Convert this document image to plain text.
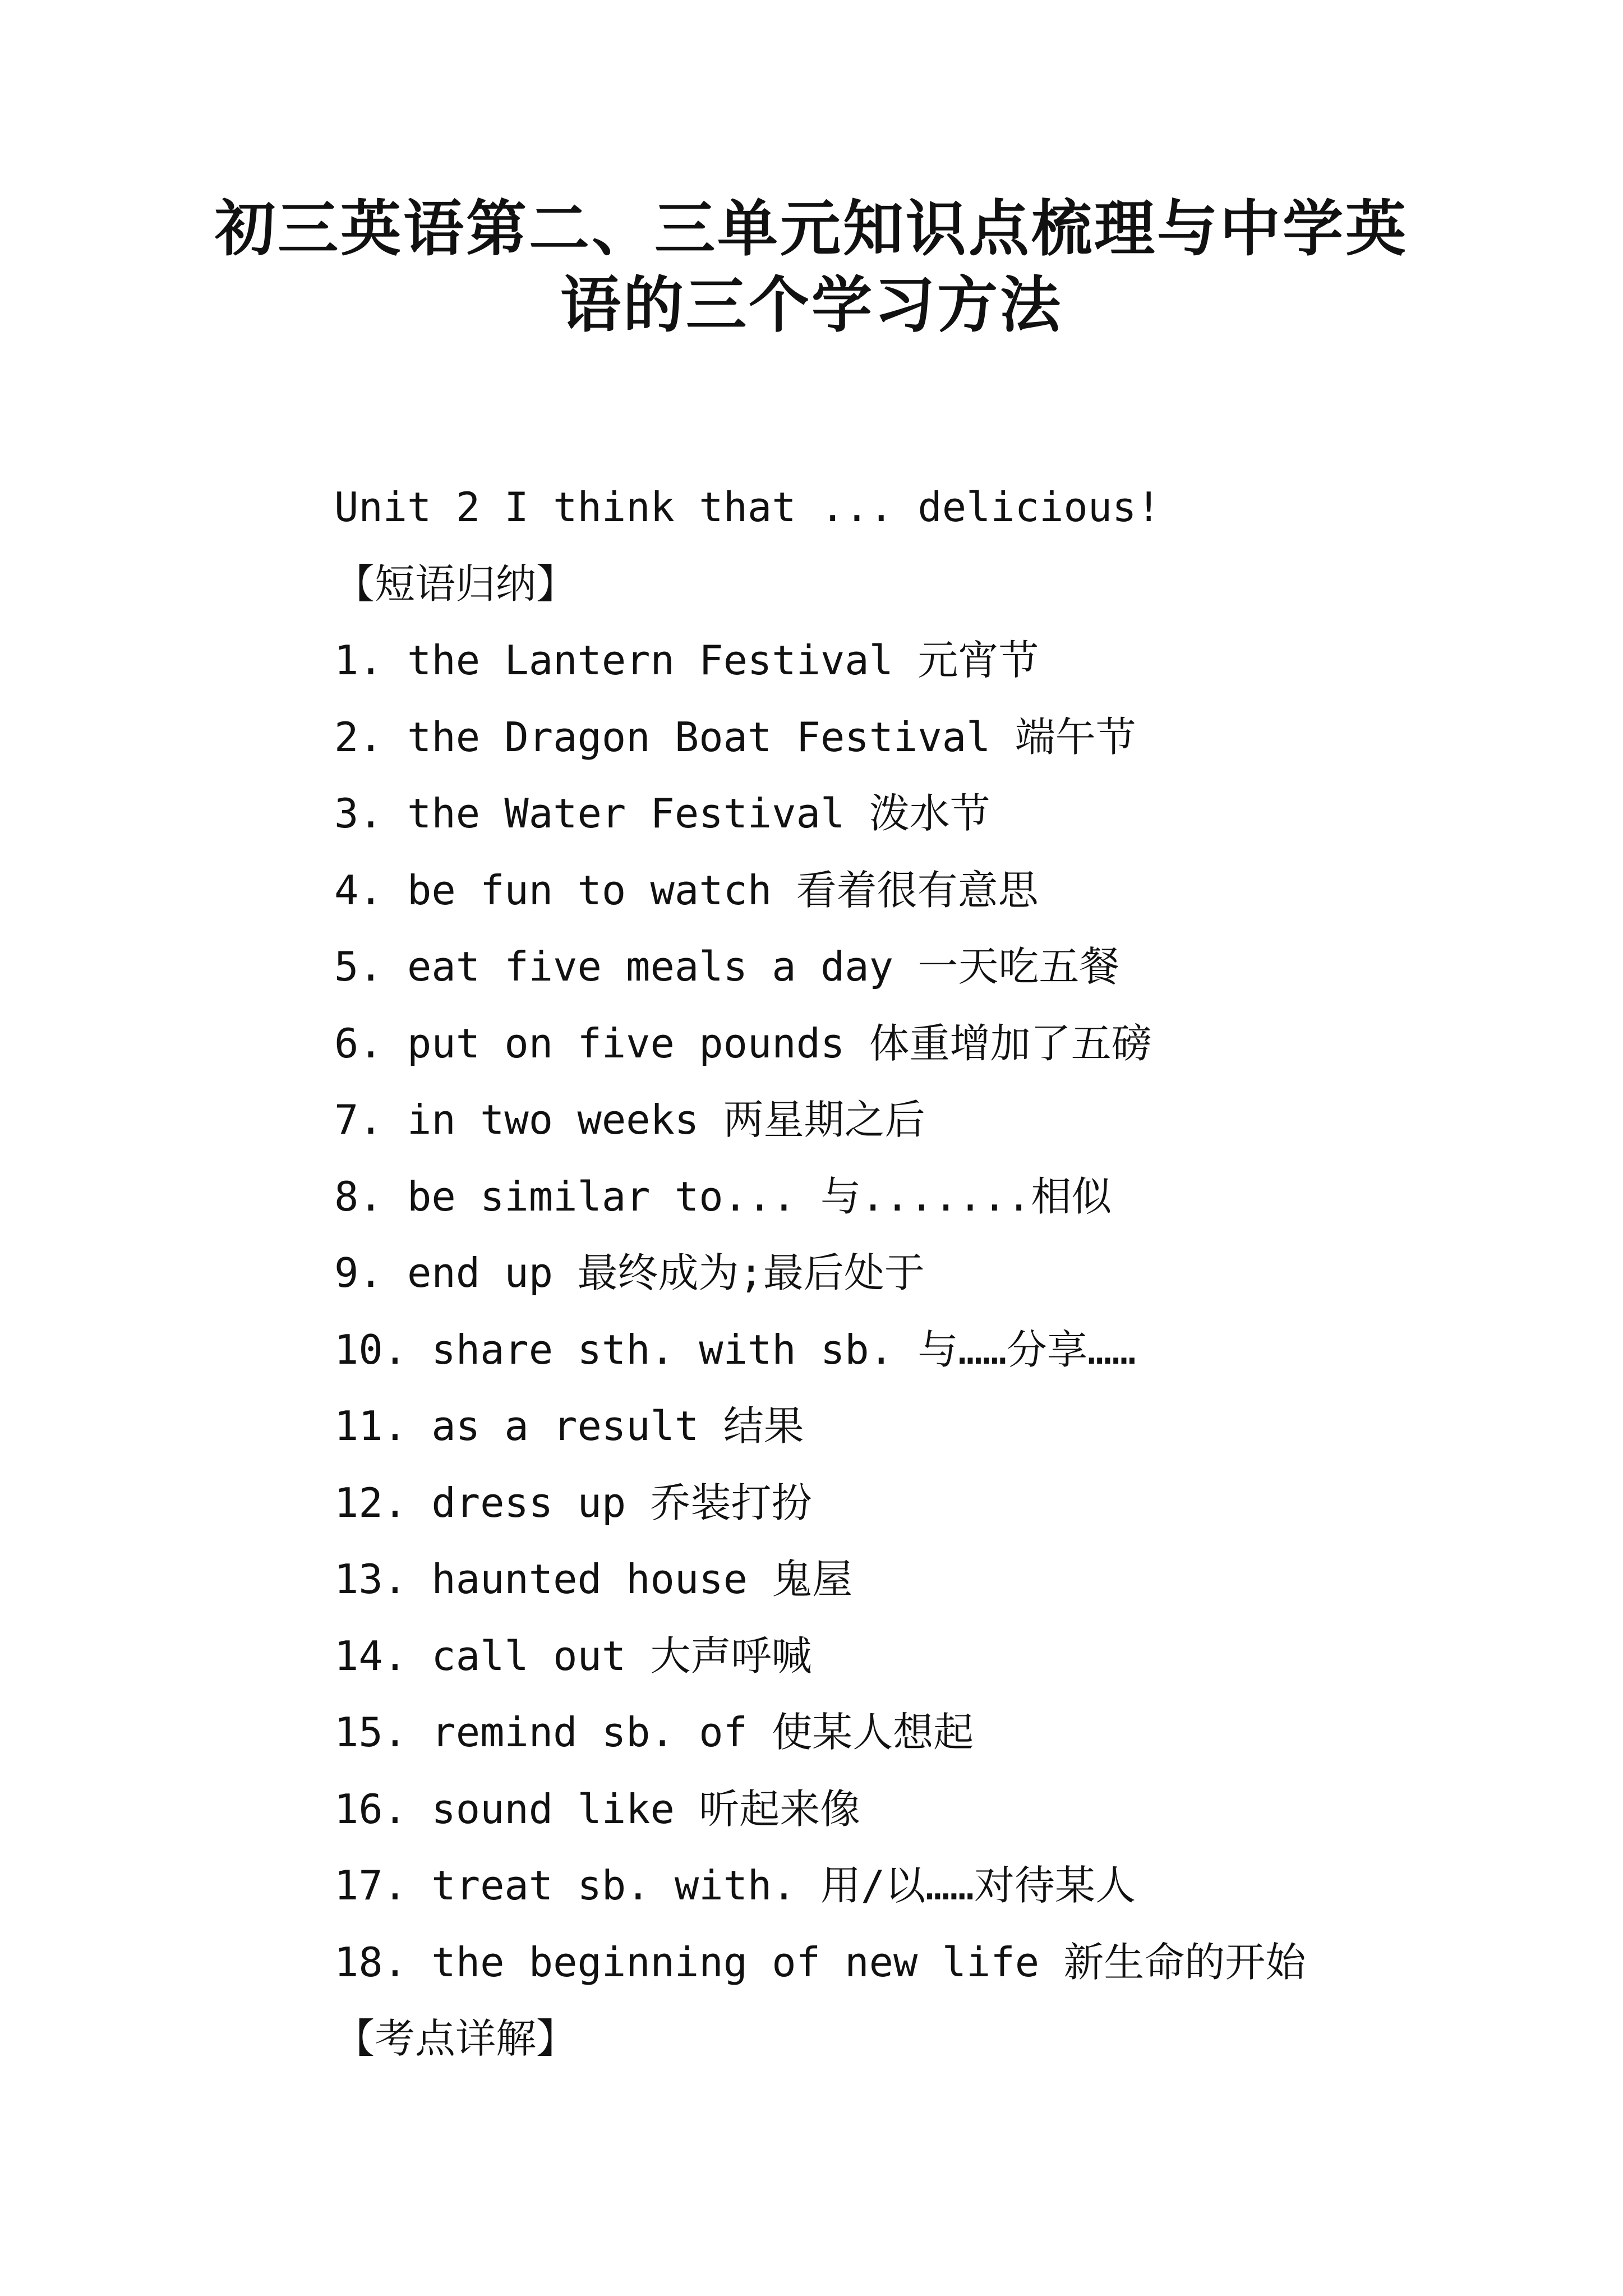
初三英语第二、三单元知识点梳理与中学英
语的三个学习方法
Unit 2 I think that ... delicious!
【短语归纳】
1. the Lantern Festival 元宵节
2. the Dragon Boat Festival 端午节
3. the Water Festival 泼水节
4. be fun to watch 看着很有意思
5. eat five meals a day 一天吃五餐
6. put on five pounds 体重增加了五磅
7. in two weeks 两星期之后
8. be similar to... 与.......相似
9. end up 最终成为;最后处于
10. share sth. with sb. 与……分享……
11. as a result 结果
12. dress up 乔装打扮
13. haunted house 鬼屋
14. call out 大声呼喊
15. remind sb. of 使某人想起
16. sound like 听起来像
17. treat sb. with. 用/以……对待某人
18. the beginning of new life 新生命的开始
【考点详解】
